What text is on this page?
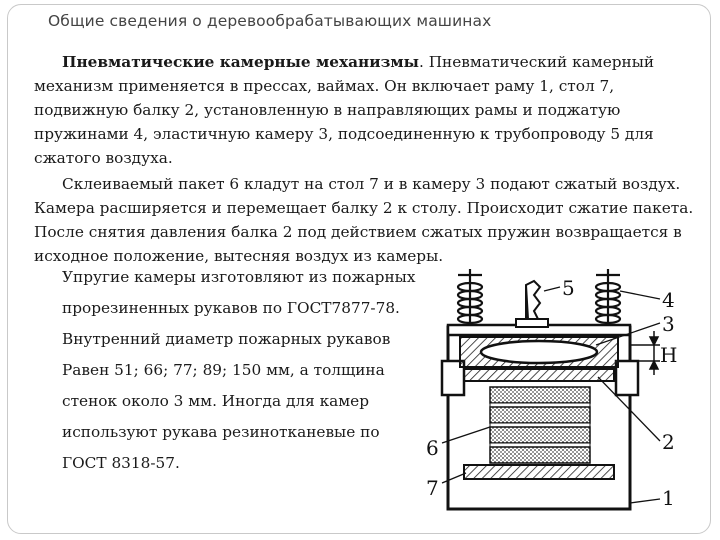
Общие сведения о деревообрабатывающих машинах

Пневматические камерные механизмы. Пневматический камерный механизм применяется в прессах, ваймах. Он включает раму 1, стол 7, подвижную балку 2, установленную в направляющих рамы и поджатую пружинами 4, эластичную камеру 3, подсоединенную к трубопроводу 5 для сжатого воздуха.

Склеиваемый пакет 6 кладут на стол 7 и в камеру 3 подают сжатый воздух. Камера расширяется и перемещает балку 2 к столу. Происходит сжатие пакета. После снятия давления балка 2 под действием сжатых пружин возвращается в исходное положение, вытесняя воздух из камеры.

Упругие камеры изготовляют из пожарных
прорезиненных рукавов по ГОСТ7877-78.
Внутренний диаметр пожарных рукавов
Равен 51; 66; 77; 89; 150 мм, а толщина
стенок около 3 мм. Иногда для камер
используют рукава резинотканевые по
ГОСТ 8318-57.
5	4
3
H
2
6
7	1
